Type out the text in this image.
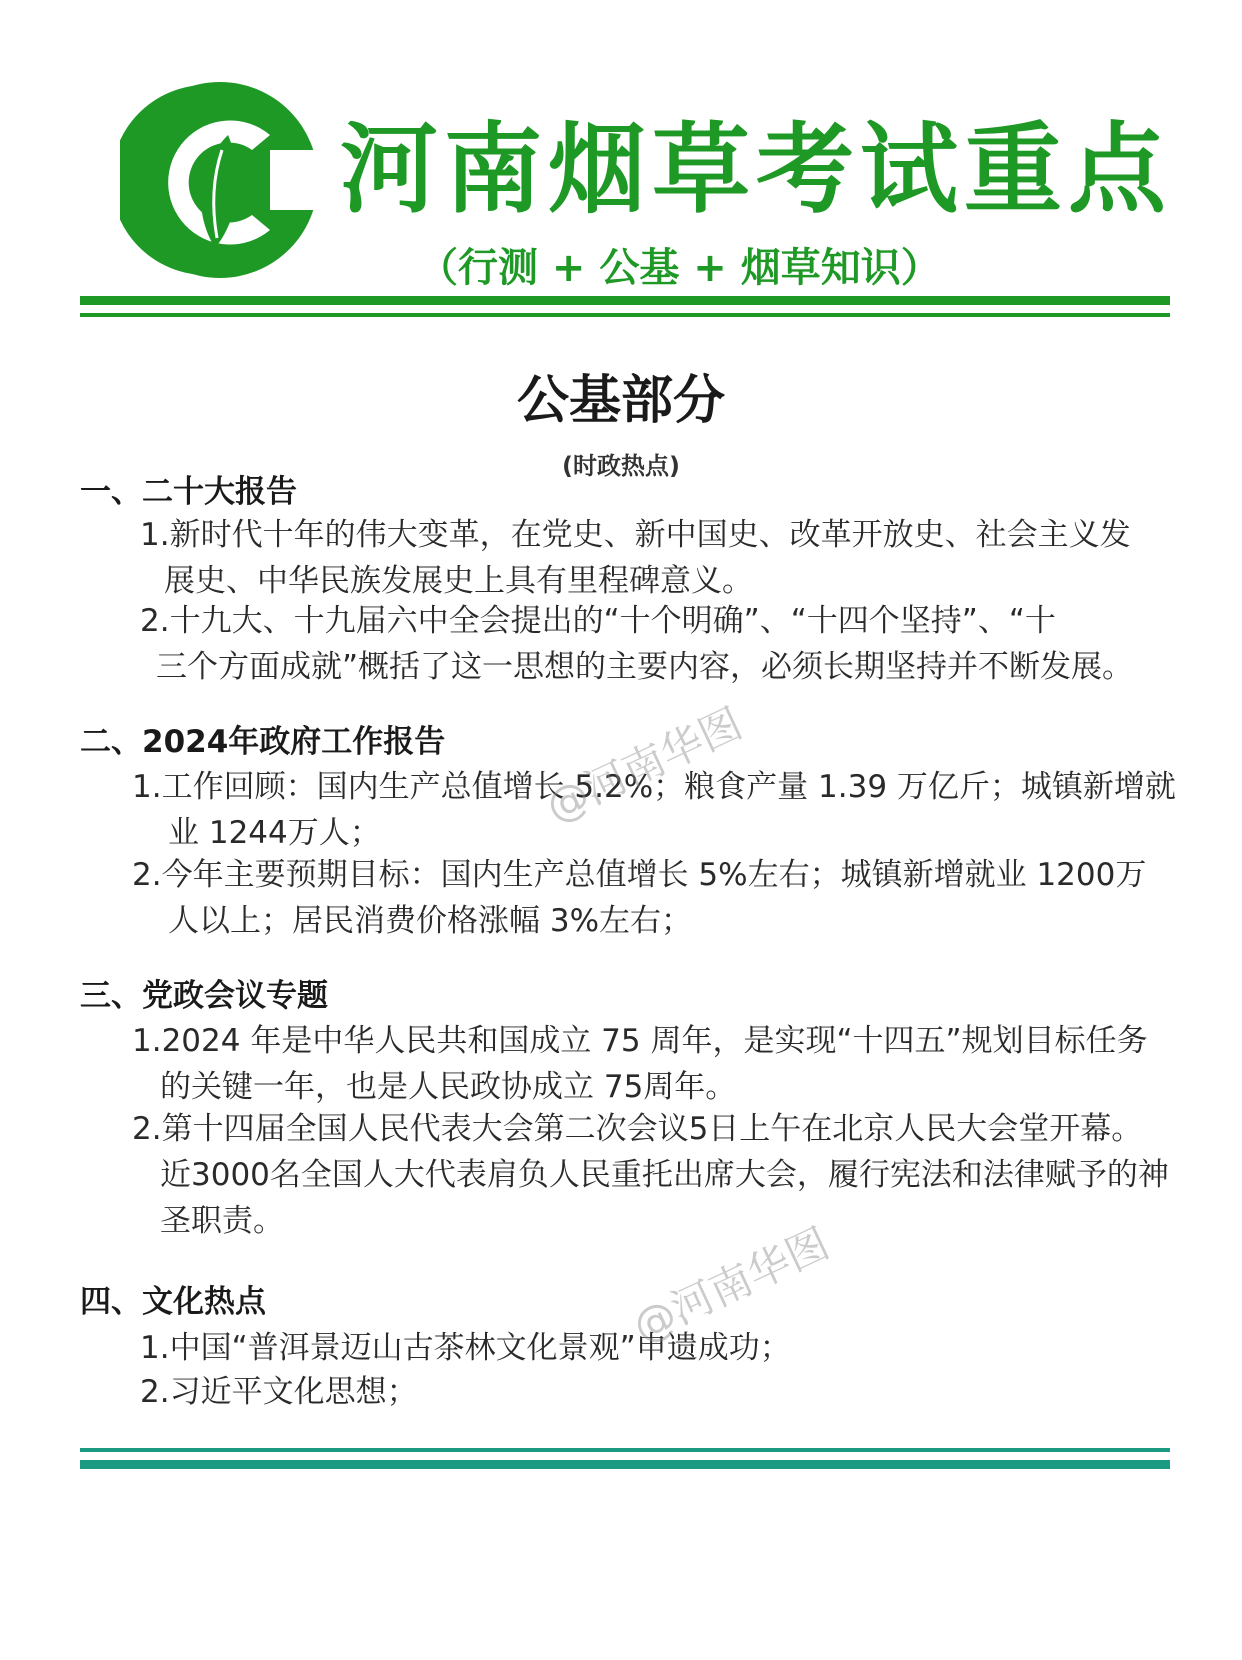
河南烟草考试重点
（行测 + 公基 + 烟草知识）
公基部分
(时政热点)
一、二十大报告
1.新时代十年的伟大变革，在党史、新中国史、改革开放史、社会主义发
展史、中华民族发展史上具有里程碑意义。
2.十九大、十九届六中全会提出的“十个明确”、“十四个坚持”、“十
三个方面成就”概括了这一思想的主要内容，必须长期坚持并不断发展。
二、2024年政府工作报告
1.工作回顾：国内生产总值增长 5.2%；粮食产量 1.39 万亿斤；城镇新增就
业 1244万人；
2.今年主要预期目标：国内生产总值增长 5%左右；城镇新增就业 1200万
人以上；居民消费价格涨幅 3%左右；
三、党政会议专题
1.2024 年是中华人民共和国成立 75 周年，是实现“十四五”规划目标任务
的关键一年，也是人民政协成立 75周年。
2.第十四届全国人民代表大会第二次会议5日上午在北京人民大会堂开幕。
近3000名全国人大代表肩负人民重托出席大会，履行宪法和法律赋予的神
圣职责。
四、文化热点
1.中国“普洱景迈山古茶林文化景观”申遗成功；
2.习近平文化思想；
@河南华图
@河南华图
